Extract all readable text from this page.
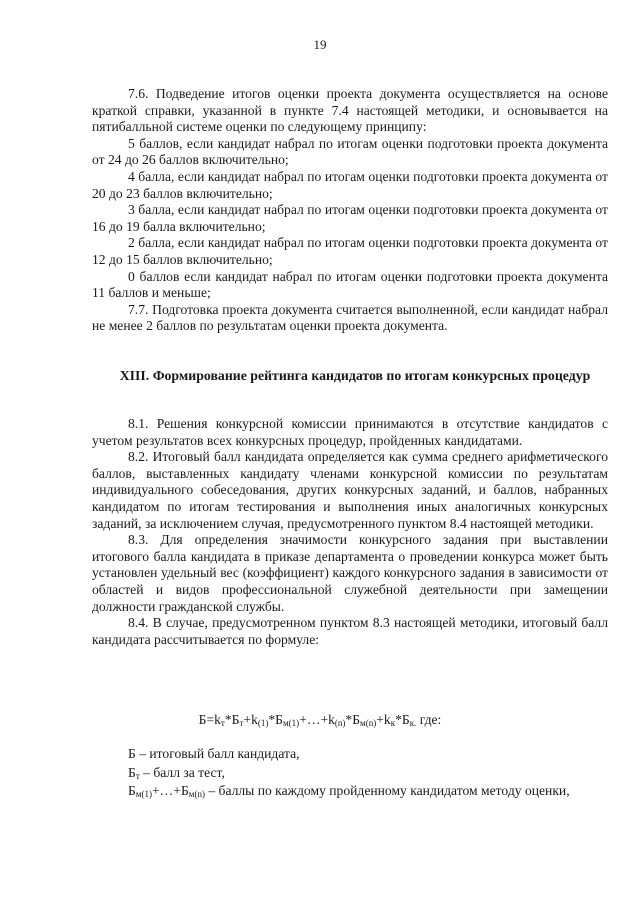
19

7.6. Подведение итогов оценки проекта документа осуществляется на основе краткой справки, указанной в пункте 7.4 настоящей методики, и основывается на пятибалльной системе оценки по следующему принципу:

5 баллов, если кандидат набрал по итогам оценки подготовки проекта документа от 24 до 26 баллов включительно;

4 балла, если кандидат набрал по итогам оценки подготовки проекта документа от 20 до 23 баллов включительно;

3 балла, если кандидат набрал по итогам оценки подготовки проекта документа от 16 до 19 балла включительно;

2 балла, если кандидат набрал по итогам оценки подготовки проекта документа от 12 до 15 баллов включительно;

0 баллов если кандидат набрал по итогам оценки подготовки проекта документа 11 баллов и меньше;

7.7. Подготовка проекта документа считается выполненной, если кандидат набрал не менее 2 баллов по результатам оценки проекта документа.

XIII. Формирование рейтинга кандидатов по итогам конкурсных процедур

8.1. Решения конкурсной комиссии принимаются в отсутствие кандидатов с учетом результатов всех конкурсных процедур, пройденных кандидатами.

8.2. Итоговый балл кандидата определяется как сумма среднего арифметического баллов, выставленных кандидату членами конкурсной комиссии по результатам индивидуального собеседования, других конкурсных заданий, и баллов, набранных кандидатом по итогам тестирования и выполнения иных аналогичных конкурсных заданий, за исключением случая, предусмотренного пунктом 8.4 настоящей методики.

8.3. Для определения значимости конкурсного задания при выставлении итогового балла кандидата в приказе департамента о проведении конкурса может быть установлен удельный вес (коэффициент) каждого конкурсного задания в зависимости от областей и видов профессиональной служебной деятельности при замещении должности гражданской службы.

8.4. В случае, предусмотренном пунктом 8.3 настоящей методики, итоговый балл кандидата рассчитывается по формуле:

$Б=k_т*Б_т+k_{(1)}*Б_{м(1)}+\dots+k_{(n)}*Б_{м(n)}+k_к*Б_{к.}$ где:

Б – итоговый балл кандидата,

$Б_т$ – балл за тест,

$Б_{м(1)}+\dots+Б_{м(n)}$ – баллы по каждому пройденному кандидатом методу оценки,
